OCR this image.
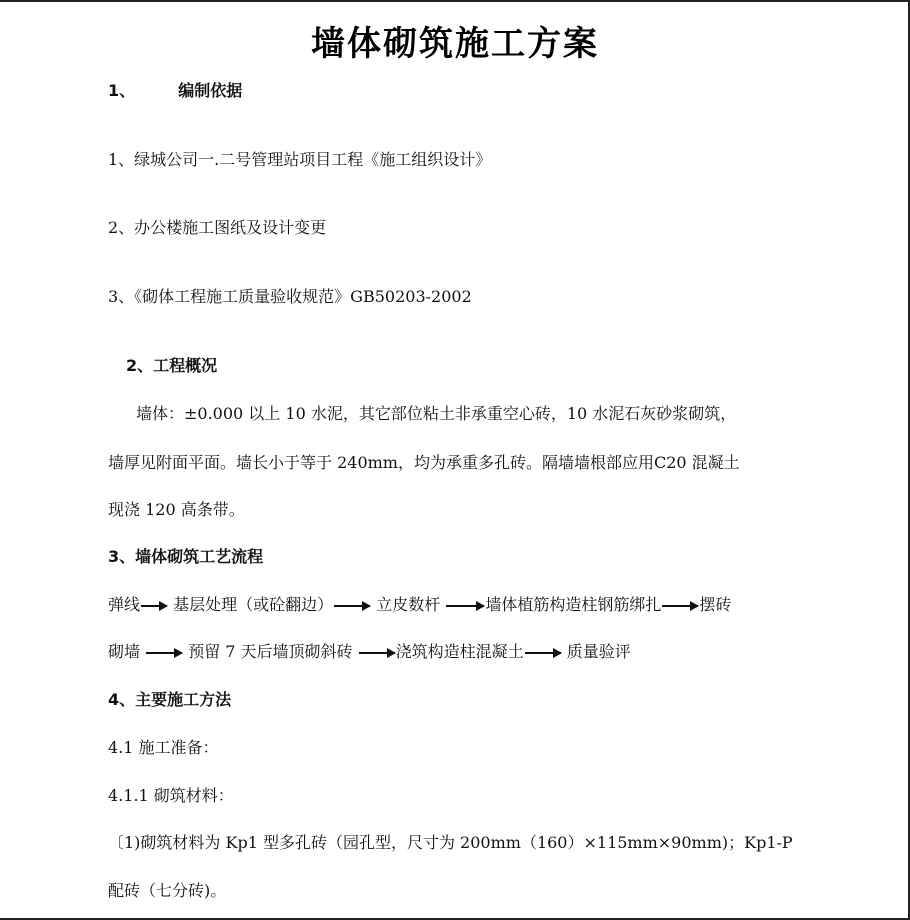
墙体砌筑施工方案
1、	编制依据
1、绿城公司一.二号管理站项目工程《施工组织设计》
2、办公楼施工图纸及设计变更
3、《砌体工程施工质量验收规范》GB50203-2002
2、工程概况
墙体：±0.000 以上 10 水泥，其它部位粘土非承重空心砖，10 水泥石灰砂浆砌筑，
墙厚见附面平面。墙长小于等于 240mm，均为承重多孔砖。隔墙墙根部应用C20 混凝土
现浇 120 高条带。
3、墙体砌筑工艺流程
弹线 基层处理（或砼翻边）	立皮数杆	墙体植筋构造柱钢筋绑扎 摆砖
砌墙	预留 7 天后墙顶砌斜砖	浇筑构造柱混凝土	质量验评
4、主要施工方法
4.1 施工准备：
4.1.1 砌筑材料：
〔1)砌筑材料为 Kp1 型多孔砖（园孔型，尺寸为 200mm（160）×115mm×90mm)；Kp1-P
配砖（七分砖)。
